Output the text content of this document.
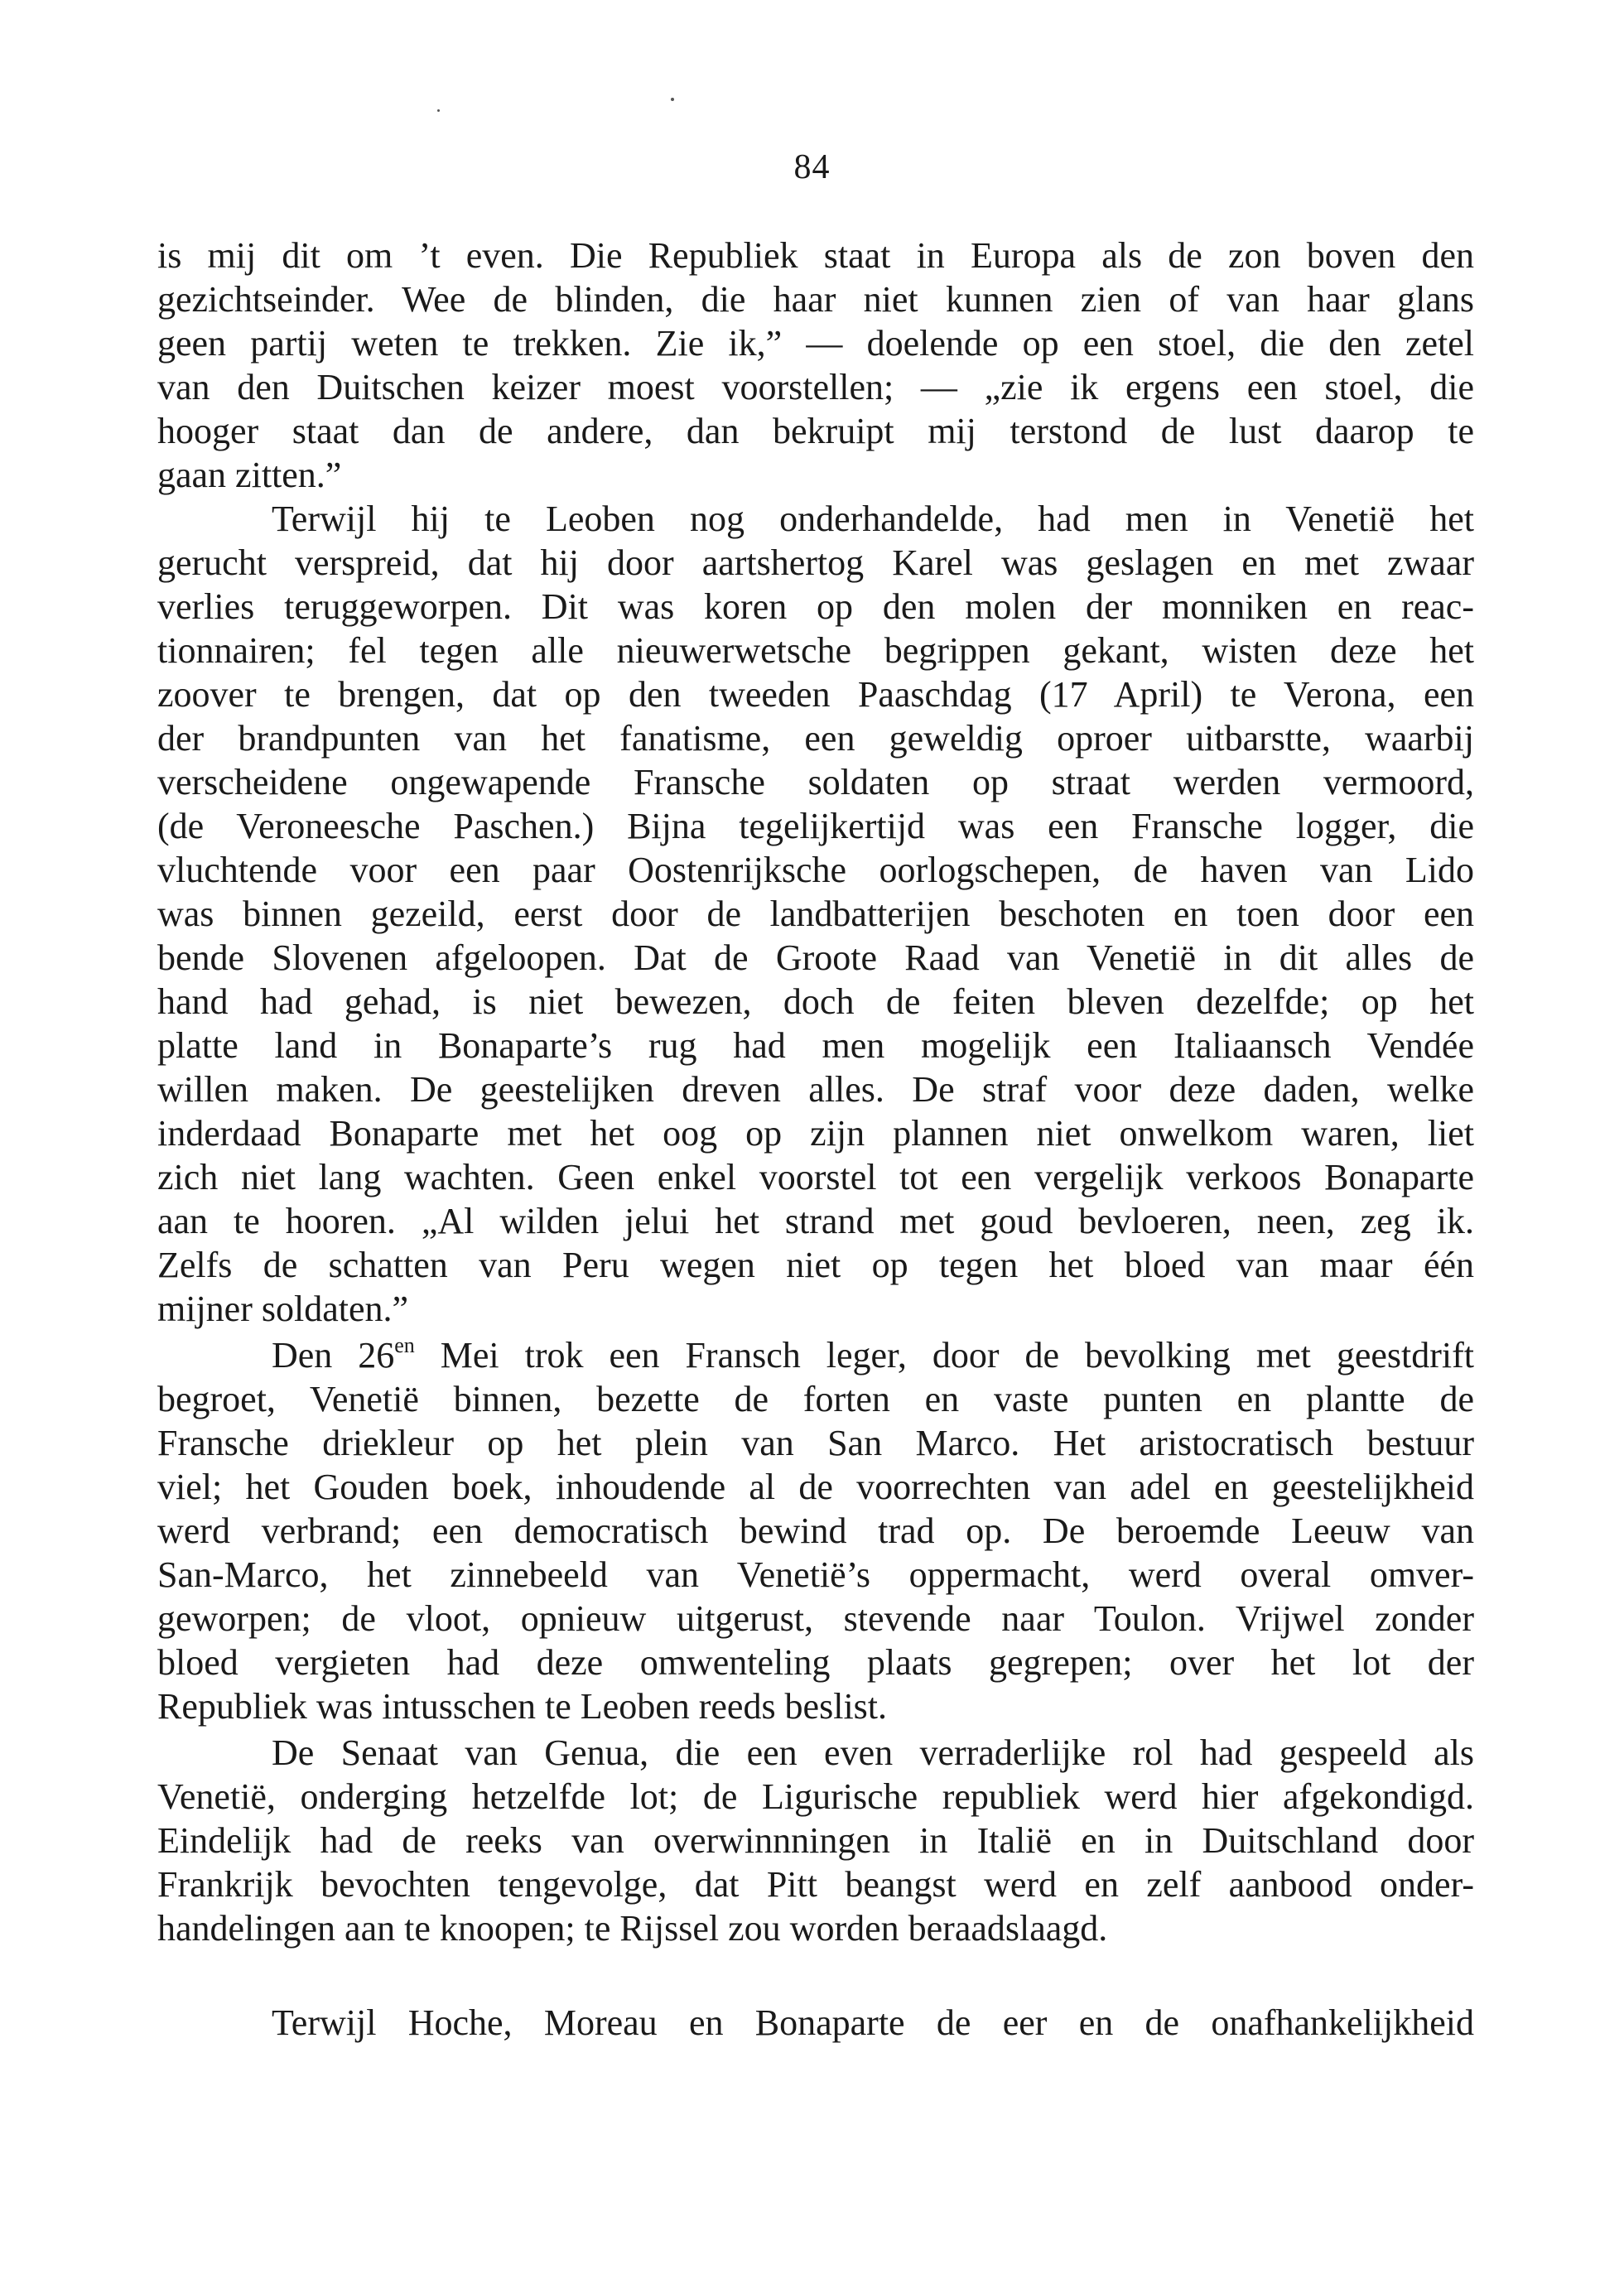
84
is mij dit om ’t even. Die Republiek staat in Europa als de zon boven den
gezichtseinder. Wee de blinden, die haar niet kunnen zien of van haar glans
geen partij weten te trekken. Zie ik,” — doelende op een stoel, die den zetel
van den Duitschen keizer moest voorstellen; — „zie ik ergens een stoel, die
hooger staat dan de andere, dan bekruipt mij terstond de lust daarop te
gaan zitten.”
Terwijl hij te Leoben nog onderhandelde, had men in Venetië het
gerucht verspreid, dat hij door aartshertog Karel was geslagen en met zwaar
verlies teruggeworpen. Dit was koren op den molen der monniken en reac-
tionnairen; fel tegen alle nieuwerwetsche begrippen gekant, wisten deze het
zoover te brengen, dat op den tweeden Paaschdag (17 April) te Verona, een
der brandpunten van het fanatisme, een geweldig oproer uitbarstte, waarbij
verscheidene ongewapende Fransche soldaten op straat werden vermoord,
(de Veroneesche Paschen.) Bijna tegelijkertijd was een Fransche logger, die
vluchtende voor een paar Oostenrijksche oorlogschepen, de haven van Lido
was binnen gezeild, eerst door de landbatterijen beschoten en toen door een
bende Slovenen afgeloopen. Dat de Groote Raad van Venetië in dit alles de
hand had gehad, is niet bewezen, doch de feiten bleven dezelfde; op het
platte land in Bonaparte’s rug had men mogelijk een Italiaansch Vendée
willen maken. De geestelijken dreven alles. De straf voor deze daden, welke
inderdaad Bonaparte met het oog op zijn plannen niet onwelkom waren, liet
zich niet lang wachten. Geen enkel voorstel tot een vergelijk verkoos Bonaparte
aan te hooren. „Al wilden jelui het strand met goud bevloeren, neen, zeg ik.
Zelfs de schatten van Peru wegen niet op tegen het bloed van maar één
mijner soldaten.”
Den $26^{en}$ Mei trok een Fransch leger, door de bevolking met geestdrift
begroet, Venetië binnen, bezette de forten en vaste punten en plantte de
Fransche driekleur op het plein van San Marco. Het aristocratisch bestuur
viel; het Gouden boek, inhoudende al de voorrechten van adel en geestelijkheid
werd verbrand; een democratisch bewind trad op. De beroemde Leeuw van
San-Marco, het zinnebeeld van Venetië’s oppermacht, werd overal omver-
geworpen; de vloot, opnieuw uitgerust, stevende naar Toulon. Vrijwel zonder
bloed vergieten had deze omwenteling plaats gegrepen; over het lot der
Republiek was intusschen te Leoben reeds beslist.
De Senaat van Genua, die een even verraderlijke rol had gespeeld als
Venetië, onderging hetzelfde lot; de Ligurische republiek werd hier afgekondigd.
Eindelijk had de reeks van overwinnningen in Italië en in Duitschland door
Frankrijk bevochten tengevolge, dat Pitt beangst werd en zelf aanbood onder-
handelingen aan te knoopen; te Rijssel zou worden beraadslaagd.
Terwijl Hoche, Moreau en Bonaparte de eer en de onafhankelijkheid
